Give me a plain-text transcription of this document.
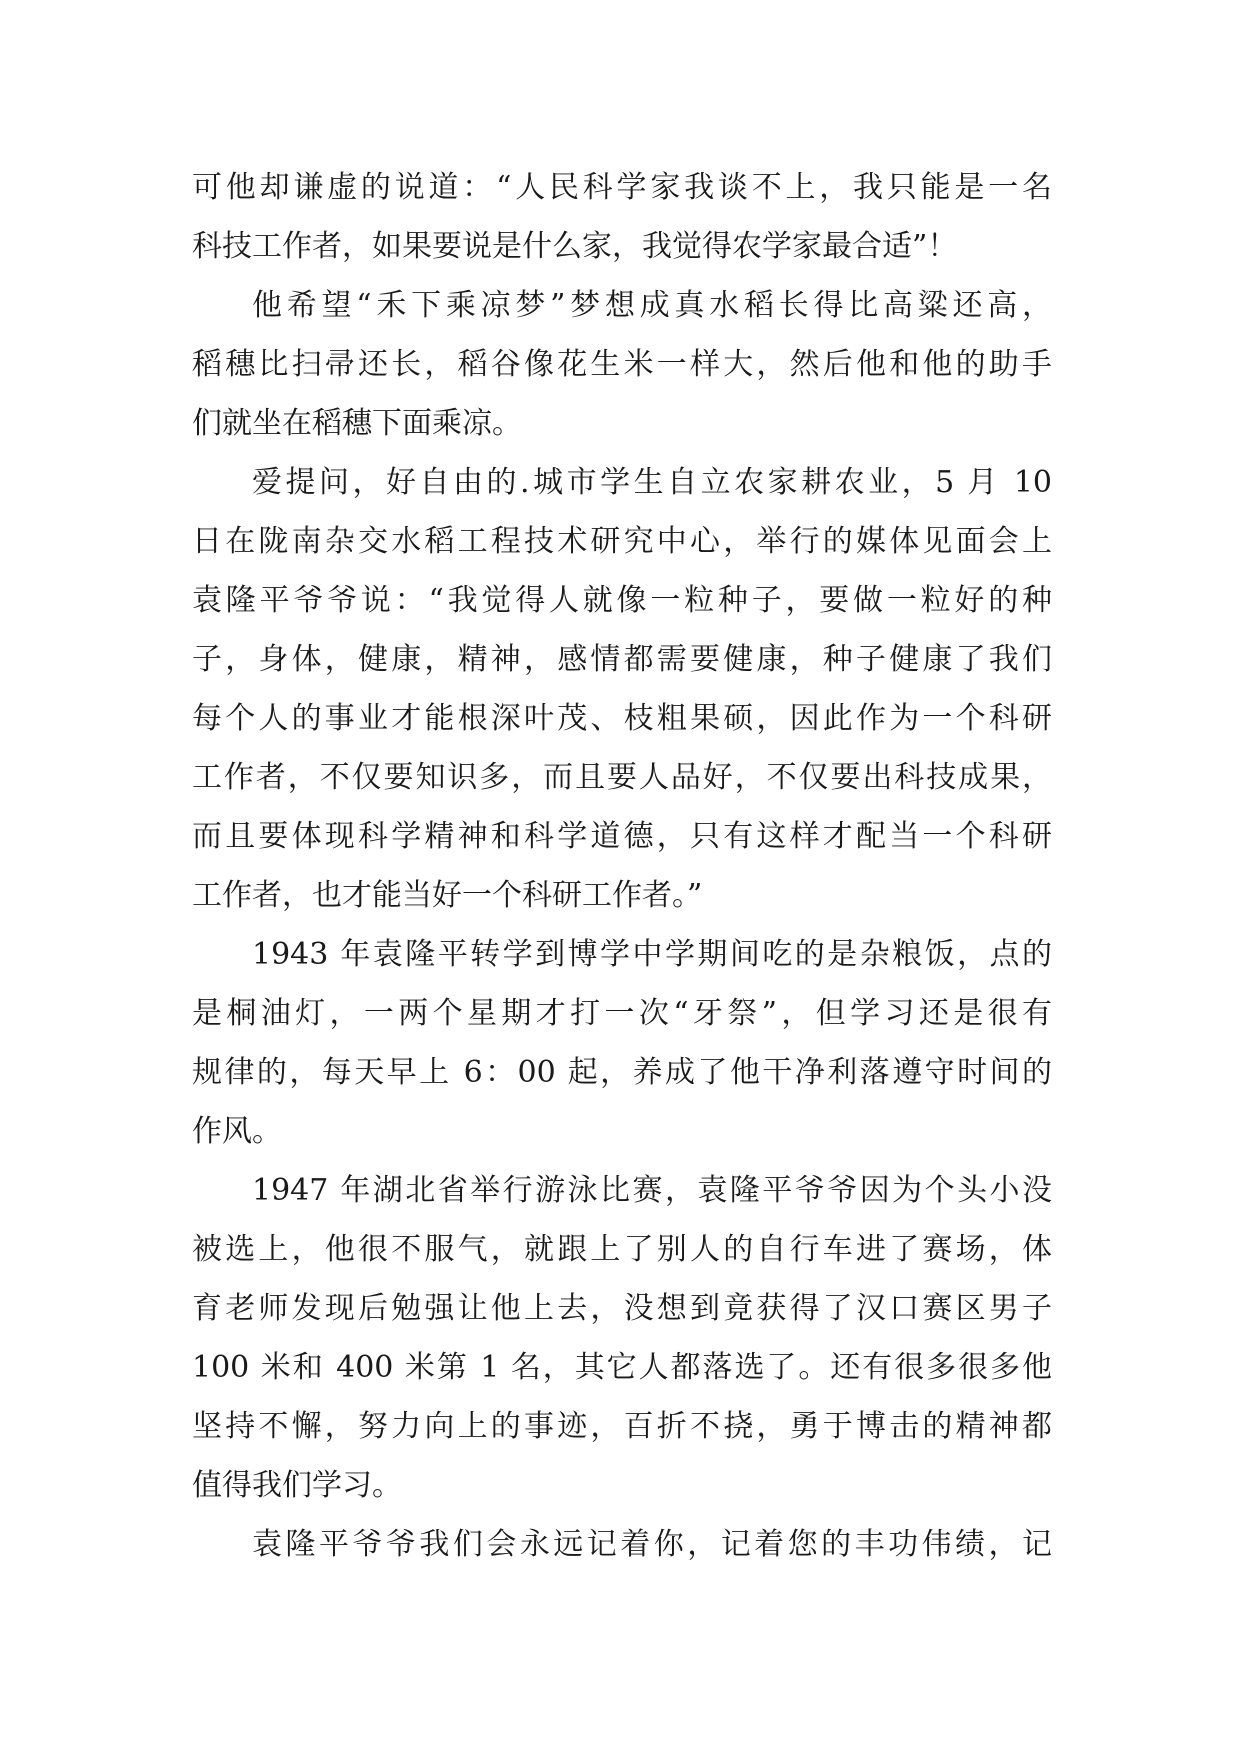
可他却谦虚的说道：“人民科学家我谈不上，我只能是一名
科技工作者，如果要说是什么家，我觉得农学家最合适”！
他希望“禾下乘凉梦”梦想成真水稻长得比高粱还高，
稻穗比扫帚还长，稻谷像花生米一样大，然后他和他的助手
们就坐在稻穗下面乘凉。
爱提问，好自由的.城市学生自立农家耕农业，5 月 10
日在陇南杂交水稻工程技术研究中心，举行的媒体见面会上
袁隆平爷爷说：“我觉得人就像一粒种子，要做一粒好的种
子，身体，健康，精神，感情都需要健康，种子健康了我们
每个人的事业才能根深叶茂、枝粗果硕，因此作为一个科研
工作者，不仅要知识多，而且要人品好，不仅要出科技成果，
而且要体现科学精神和科学道德，只有这样才配当一个科研
工作者，也才能当好一个科研工作者。”
1943 年袁隆平转学到博学中学期间吃的是杂粮饭，点的
是桐油灯，一两个星期才打一次“牙祭”，但学习还是很有
规律的，每天早上 6：00 起，养成了他干净利落遵守时间的
作风。
1947 年湖北省举行游泳比赛，袁隆平爷爷因为个头小没
被选上，他很不服气，就跟上了别人的自行车进了赛场，体
育老师发现后勉强让他上去，没想到竟获得了汉口赛区男子
100 米和 400 米第 1 名，其它人都落选了。还有很多很多他
坚持不懈，努力向上的事迹，百折不挠，勇于博击的精神都
值得我们学习。
袁隆平爷爷我们会永远记着你，记着您的丰功伟绩，记
